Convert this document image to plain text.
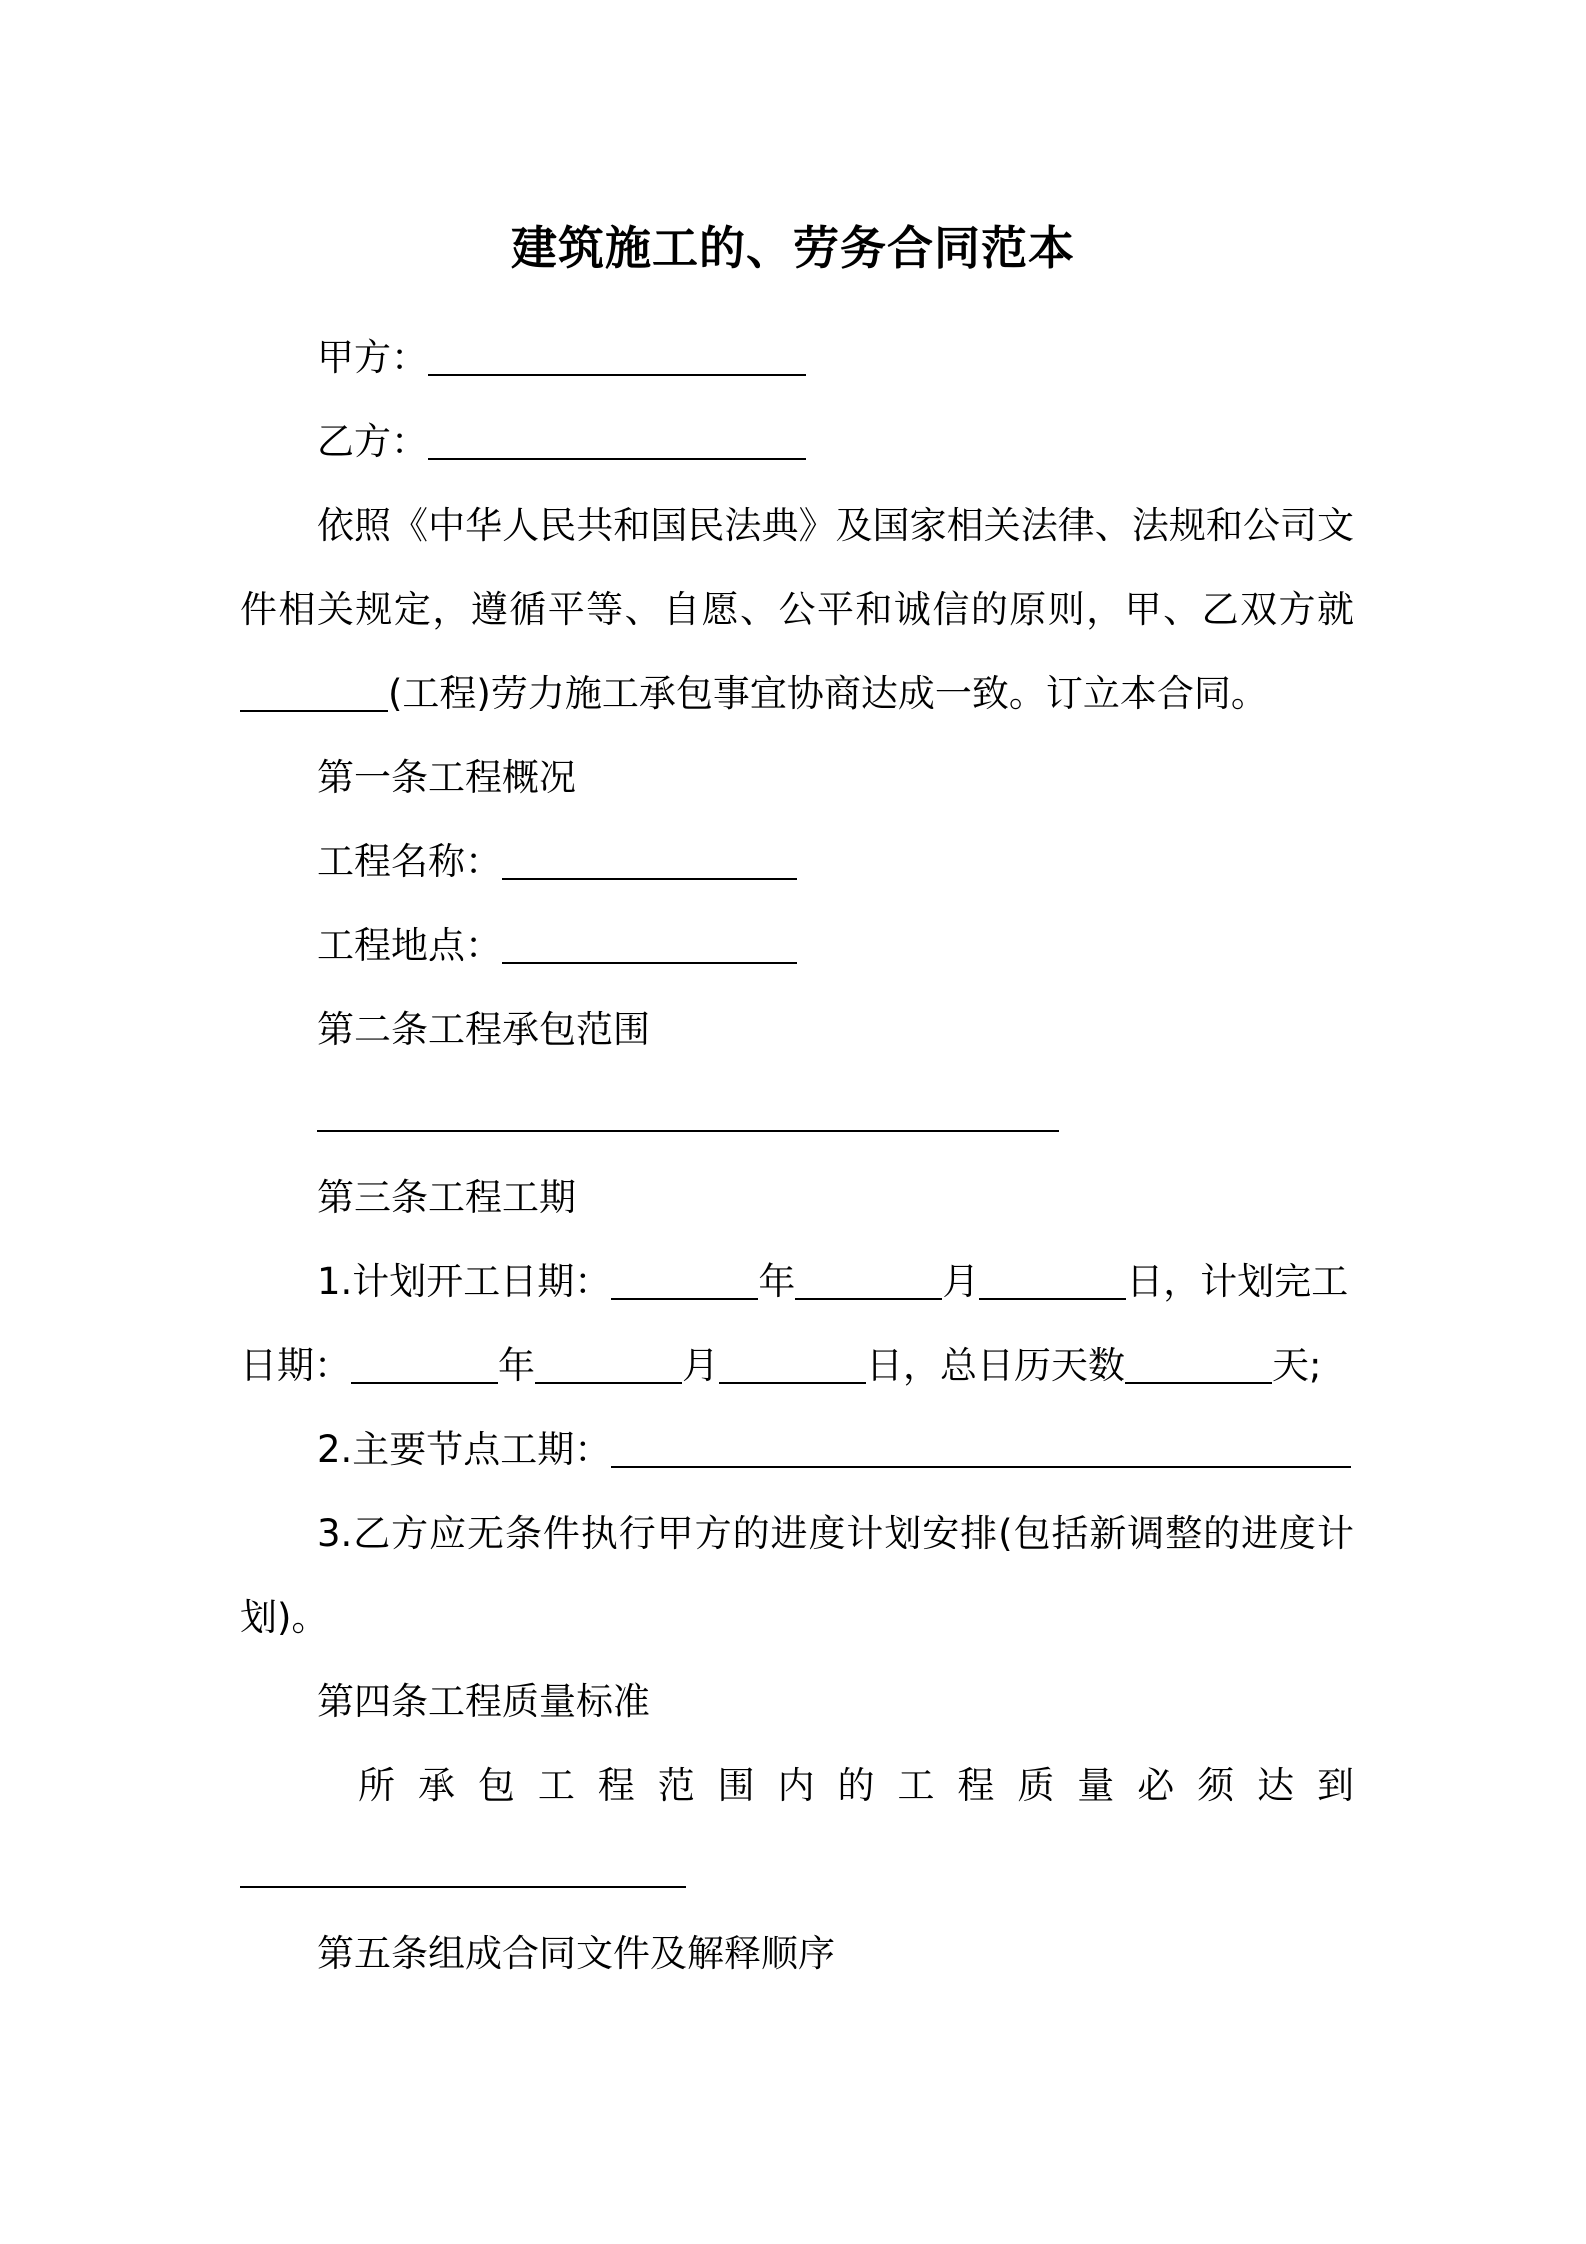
建筑施工的、劳务合同范本
甲方：
乙方：
依照《中华人民共和国民法典》及国家相关法律、法规和公司文
件相关规定，遵循平等、自愿、公平和诚信的原则，甲、乙双方就
(工程)劳力施工承包事宜协商达成一致。订立本合同。
第一条工程概况
工程名称：
工程地点：
第二条工程承包范围
第三条工程工期
1.计划开工日期：	年	月	日，计划完工
日期：	年	月	日，总日历天数	天;
2.主要节点工期：
3.乙方应无条件执行甲方的进度计划安排(包括新调整的进度计
划)。
第四条工程质量标准
所 承 包 工 程 范 围 内 的 工 程 质 量 必 须 达 到
第五条组成合同文件及解释顺序
